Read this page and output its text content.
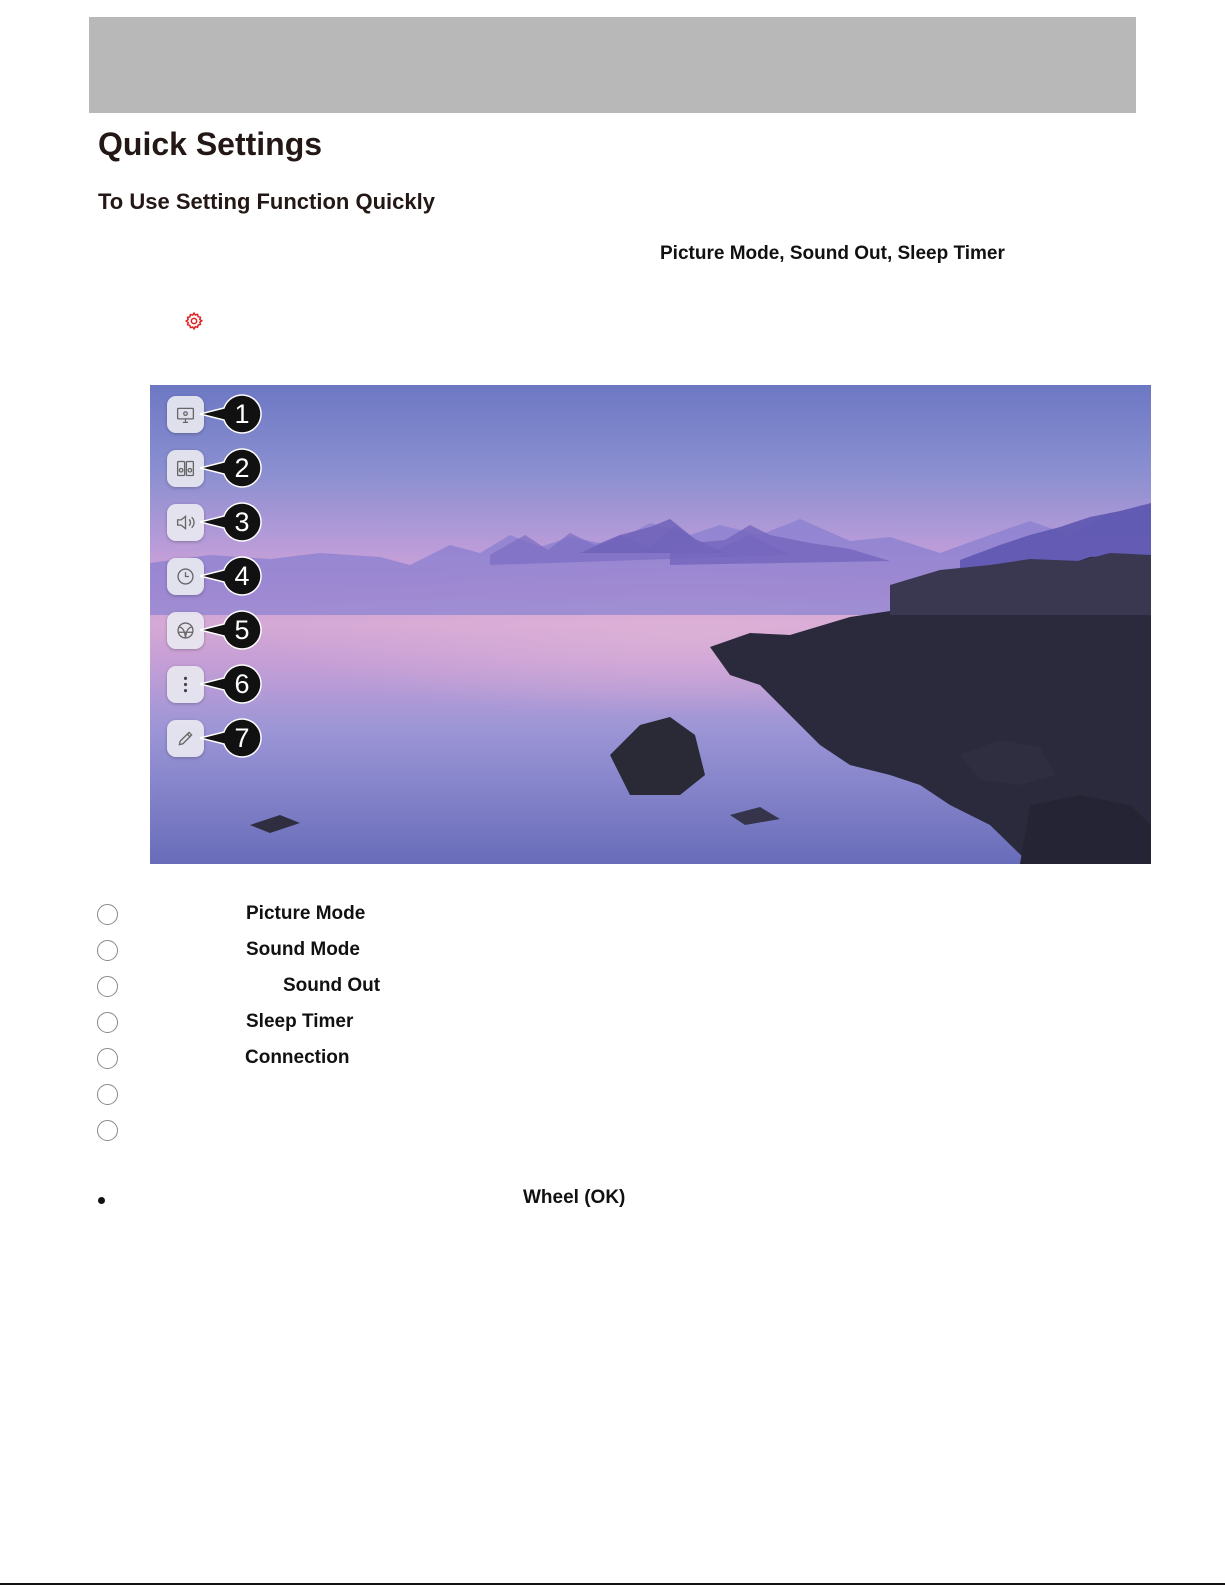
Quick Settings
To Use Setting Function Quickly
Picture Mode, Sound Out, Sleep Timer
1
2
3
4
5
6
7
Picture Mode
Sound Mode
Sound Out
Sleep Timer
Connection
Wheel (OK)
